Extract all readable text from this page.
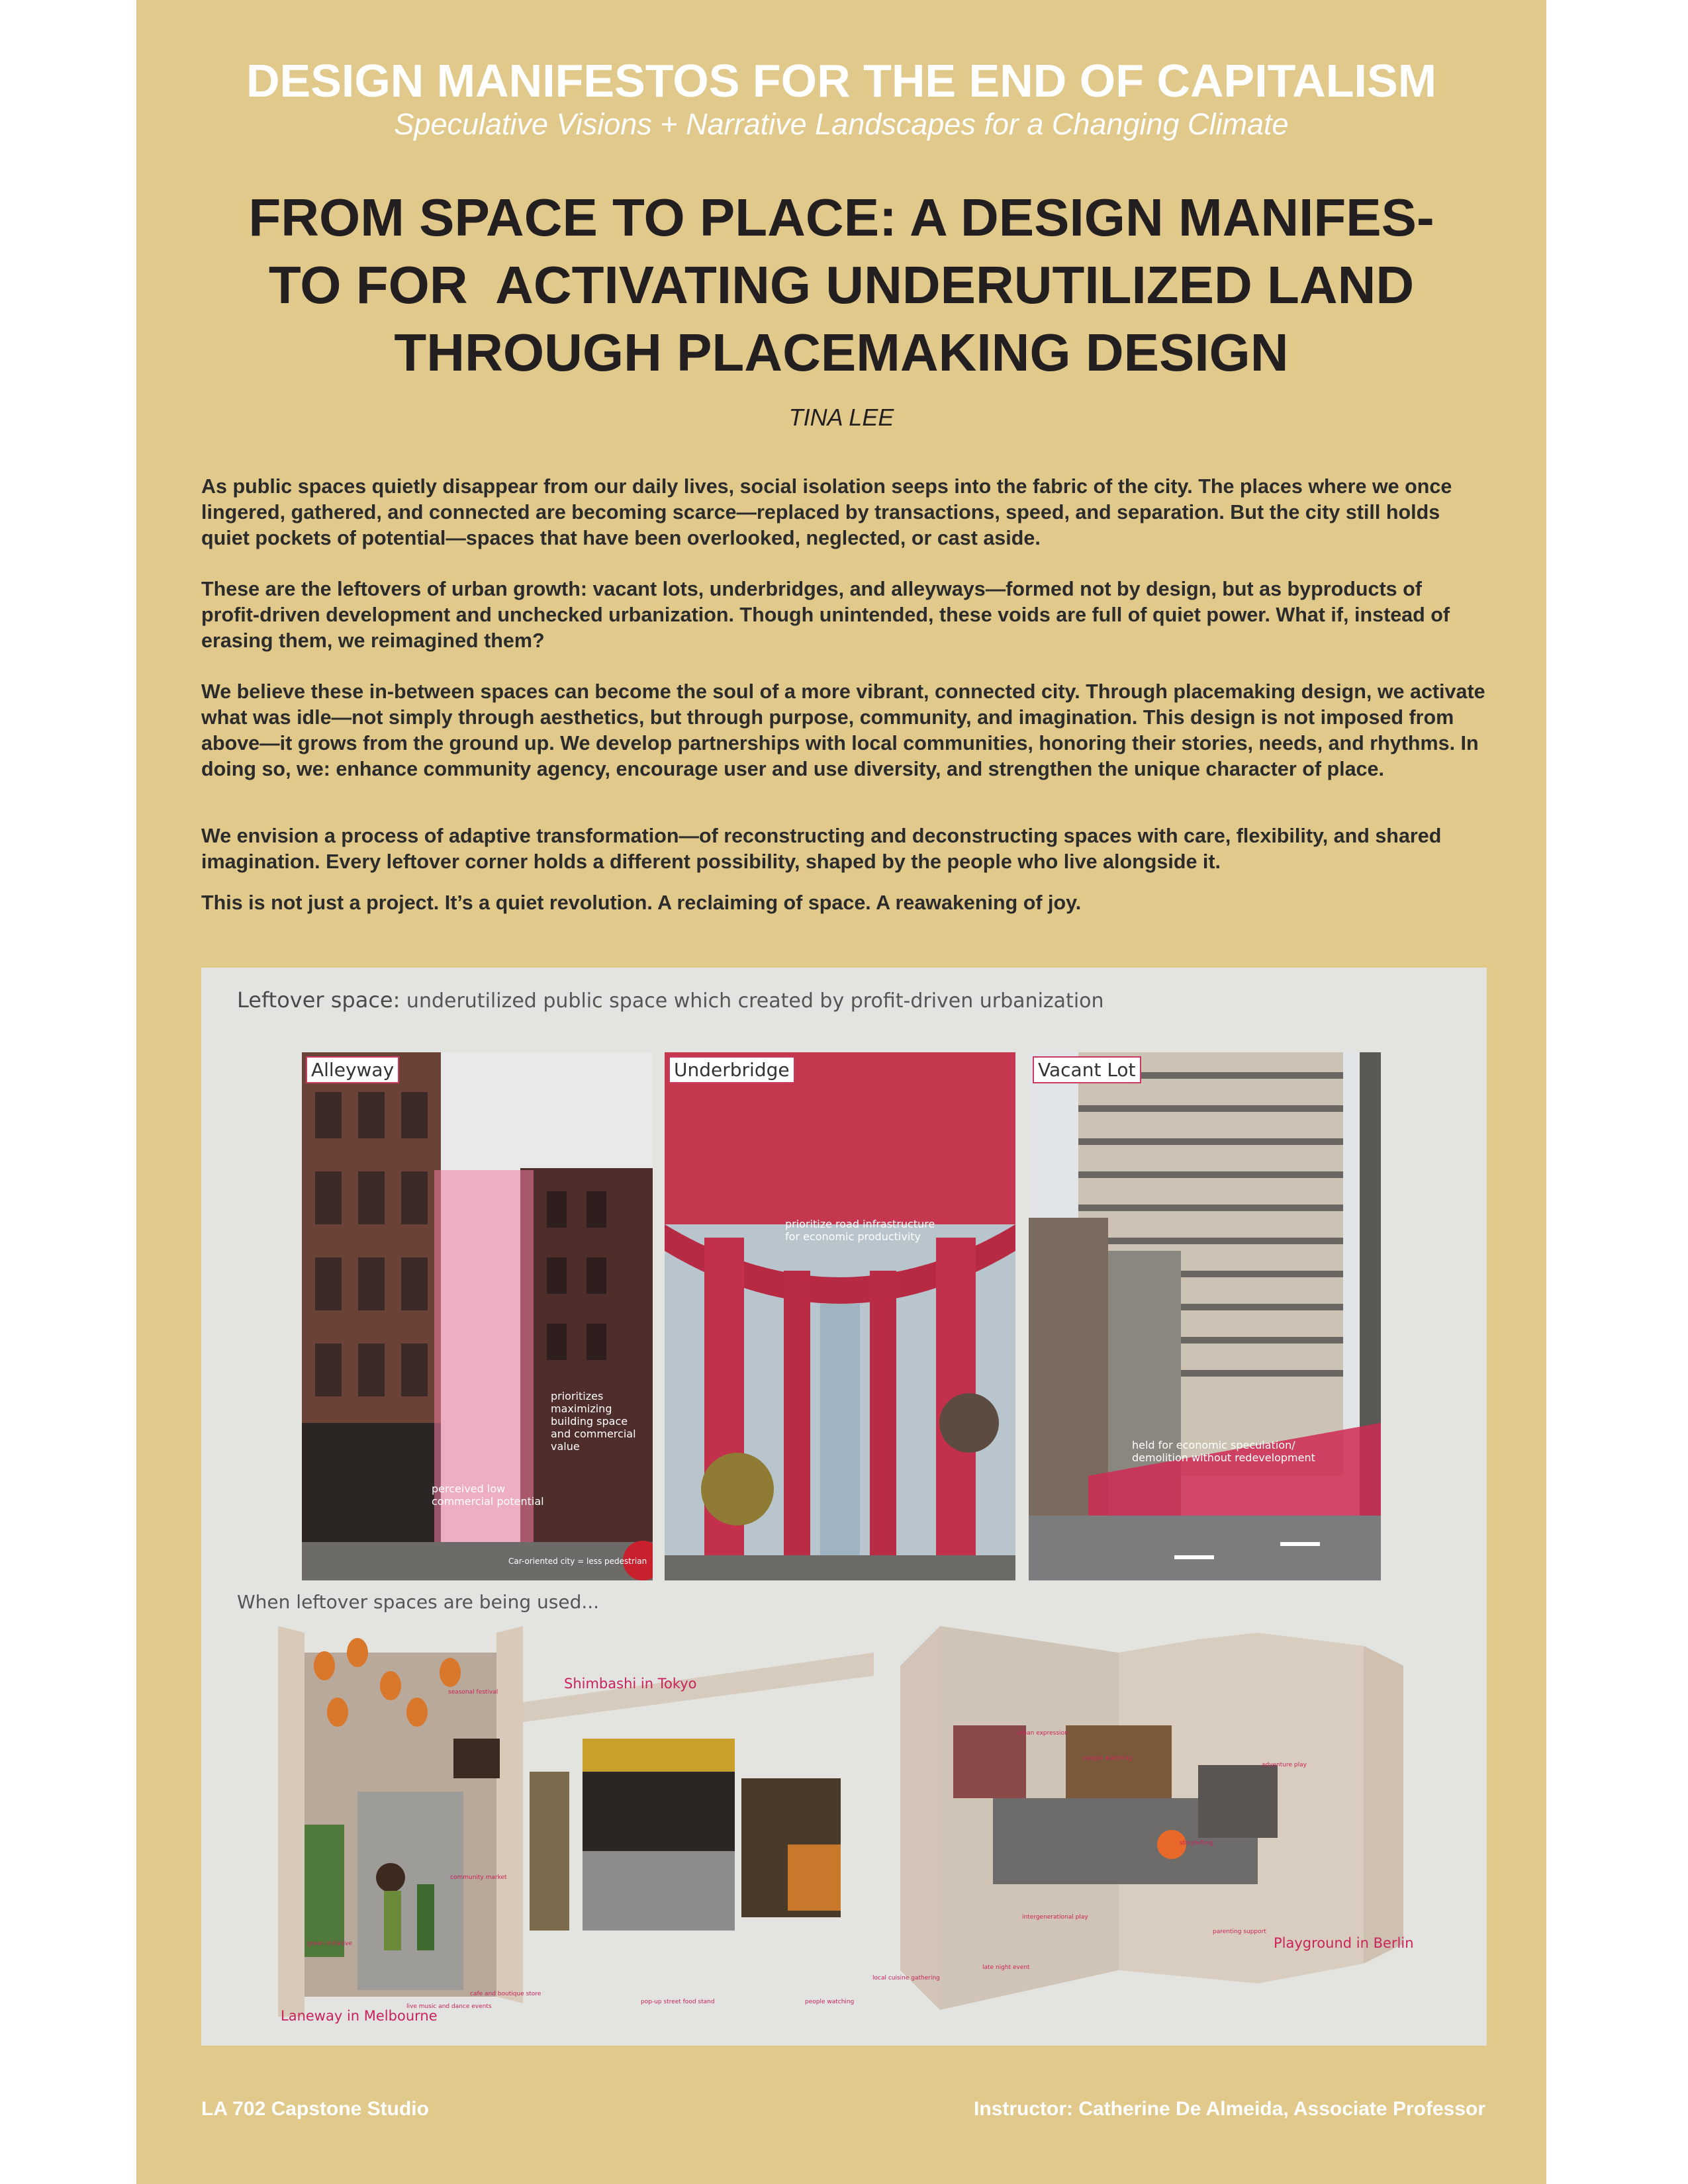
DESIGN MANIFESTOS FOR THE END OF CAPITALISM
Speculative Visions + Narrative Landscapes for a Changing Climate
FROM SPACE TO PLACE: A DESIGN MANIFES-
TO FOR  ACTIVATING UNDERUTILIZED LAND
THROUGH PLACEMAKING DESIGN
TINA LEE

As public spaces quietly disappear from our daily lives, social isolation seeps into the fabric of the city. The places where we once lingered, gathered, and connected are becoming scarce—replaced by transactions, speed, and separation. But the city still holds quiet pockets of potential—spaces that have been overlooked, neglected, or cast aside.

These are the leftovers of urban growth: vacant lots, underbridges, and alleyways—formed not by design, but as byproducts of profit-driven development and unchecked urbanization. Though unintended, these voids are full of quiet power. What if, instead of erasing them, we reimagined them?

We believe these in-between spaces can become the soul of a more vibrant, connected city. Through placemaking design, we activate what was idle—not simply through aesthetics, but through purpose, community, and imagination. This design is not imposed from above—it grows from the ground up. We develop partnerships with local communities, honoring their stories, needs, and rhythms. In doing so, we: enhance community agency, encourage user and use diversity, and strengthen the unique character of place.

We envision a process of adaptive transformation—of reconstructing and deconstructing spaces with care, flexibility, and shared imagination. Every leftover corner holds a different possibility, shaped by the people who live alongside it.

This is not just a project. It’s a quiet revolution. A reclaiming of space. A reawakening of joy.

Leftover space: underutilized public space which created by profit-driven urbanization
Alleyway
prioritizes maximizing building space and commercial value
perceived low commercial potential
Car-oriented city = less pedestrian
Underbridge
prioritize road infrastructure for economic productivity
Vacant Lot
held for economic speculation/ demolition without redevelopment
When leftover spaces are being used...
Shimbashi in Tokyo
Laneway in Melbourne
Playground in Berlin
seasonal festival
community market
green initiative
live music and dance events
cafe and boutique store
pop-up street food stand	people watching
local cuisine gathering
urban expression
people watching
adventure play
storytelling
intergenerational play
late night event
parenting support
LA 702 Capstone Studio	Instructor: Catherine De Almeida, Associate Professor
